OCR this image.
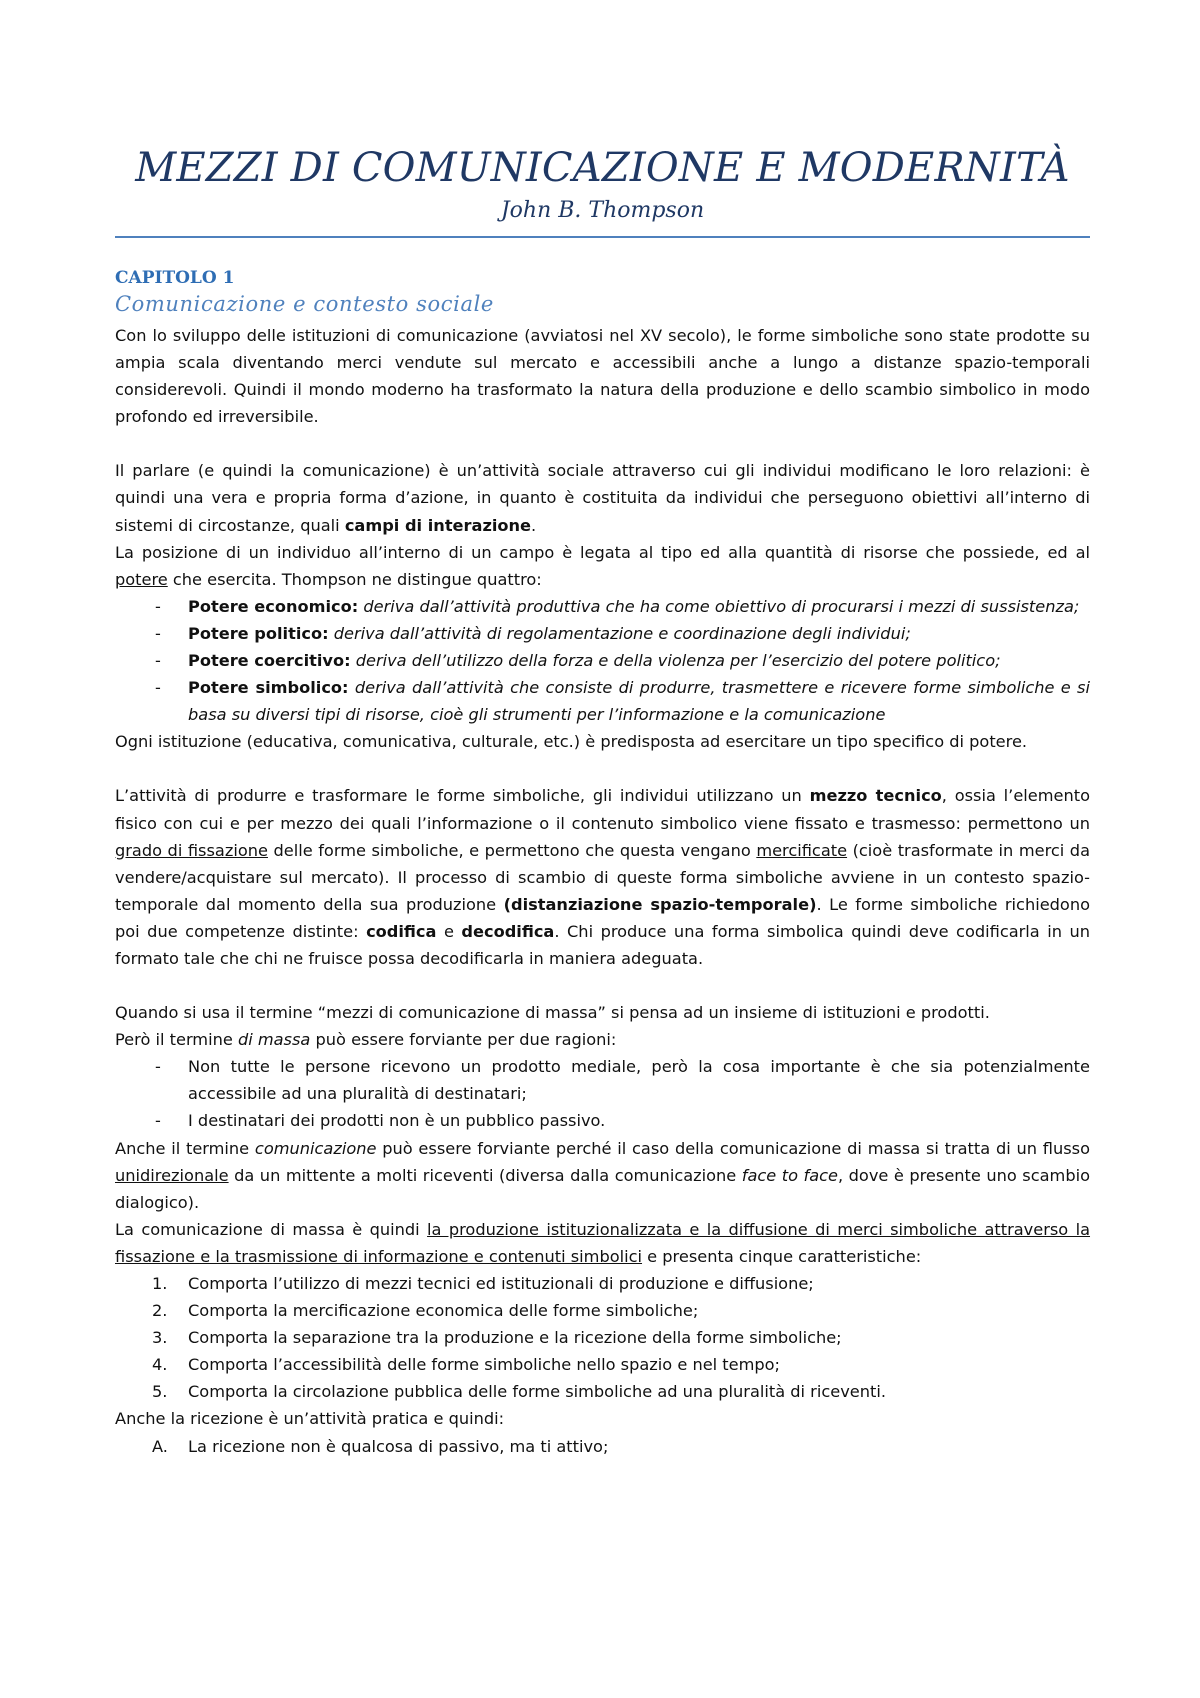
MEZZI DI COMUNICAZIONE E MODERNITÀ
John B. Thompson
CAPITOLO 1
Comunicazione e contesto sociale

Con lo sviluppo delle istituzioni di comunicazione (avviatosi nel XV secolo), le forme simboliche sono state prodotte su ampia scala diventando merci vendute sul mercato e accessibili anche a lungo a distanze spazio-temporali considerevoli. Quindi il mondo moderno ha trasformato la natura della produzione e dello scambio simbolico in modo profondo ed irreversibile.

Il parlare (e quindi la comunicazione) è un’attività sociale attraverso cui gli individui modificano le loro relazioni: è quindi una vera e propria forma d’azione, in quanto è costituita da individui che perseguono obiettivi all’interno di sistemi di circostanze, quali campi di interazione.

La posizione di un individuo all’interno di un campo è legata al tipo ed alla quantità di risorse che possiede, ed al potere che esercita. Thompson ne distingue quattro:

- Potere economico: deriva dall’attività produttiva che ha come obiettivo di procurarsi i mezzi di sussistenza;
- Potere politico: deriva dall’attività di regolamentazione e coordinazione degli individui;
- Potere coercitivo: deriva dell’utilizzo della forza e della violenza per l’esercizio del potere politico;
- Potere simbolico: deriva dall’attività che consiste di produrre, trasmettere e ricevere forme simboliche e si basa su diversi tipi di risorse, cioè gli strumenti per l’informazione e la comunicazione

Ogni istituzione (educativa, comunicativa, culturale, etc.) è predisposta ad esercitare un tipo specifico di potere.

L’attività di produrre e trasformare le forme simboliche, gli individui utilizzano un mezzo tecnico, ossia l’elemento fisico con cui e per mezzo dei quali l’informazione o il contenuto simbolico viene fissato e trasmesso: permettono un grado di fissazione delle forme simboliche, e permettono che questa vengano mercificate (cioè trasformate in merci da vendere/acquistare sul mercato). Il processo di scambio di queste forma simboliche avviene in un contesto spazio-temporale dal momento della sua produzione (distanziazione spazio-temporale). Le forme simboliche richiedono poi due competenze distinte: codifica e decodifica. Chi produce una forma simbolica quindi deve codificarla in un formato tale che chi ne fruisce possa decodificarla in maniera adeguata.

Quando si usa il termine “mezzi di comunicazione di massa” si pensa ad un insieme di istituzioni e prodotti.

Però il termine di massa può essere forviante per due ragioni:

- Non tutte le persone ricevono un prodotto mediale, però la cosa importante è che sia potenzialmente accessibile ad una pluralità di destinatari;
- I destinatari dei prodotti non è un pubblico passivo.

Anche il termine comunicazione può essere forviante perché il caso della comunicazione di massa si tratta di un flusso unidirezionale da un mittente a molti riceventi (diversa dalla comunicazione face to face, dove è presente uno scambio dialogico).

La comunicazione di massa è quindi la produzione istituzionalizzata e la diffusione di merci simboliche attraverso la fissazione e la trasmissione di informazione e contenuti simbolici e presenta cinque caratteristiche:

1. Comporta l’utilizzo di mezzi tecnici ed istituzionali di produzione e diffusione;
2. Comporta la mercificazione economica delle forme simboliche;
3. Comporta la separazione tra la produzione e la ricezione della forme simboliche;
4. Comporta l’accessibilità delle forme simboliche nello spazio e nel tempo;
5. Comporta la circolazione pubblica delle forme simboliche ad una pluralità di riceventi.

Anche la ricezione è un’attività pratica e quindi:

A. La ricezione non è qualcosa di passivo, ma ti attivo;
